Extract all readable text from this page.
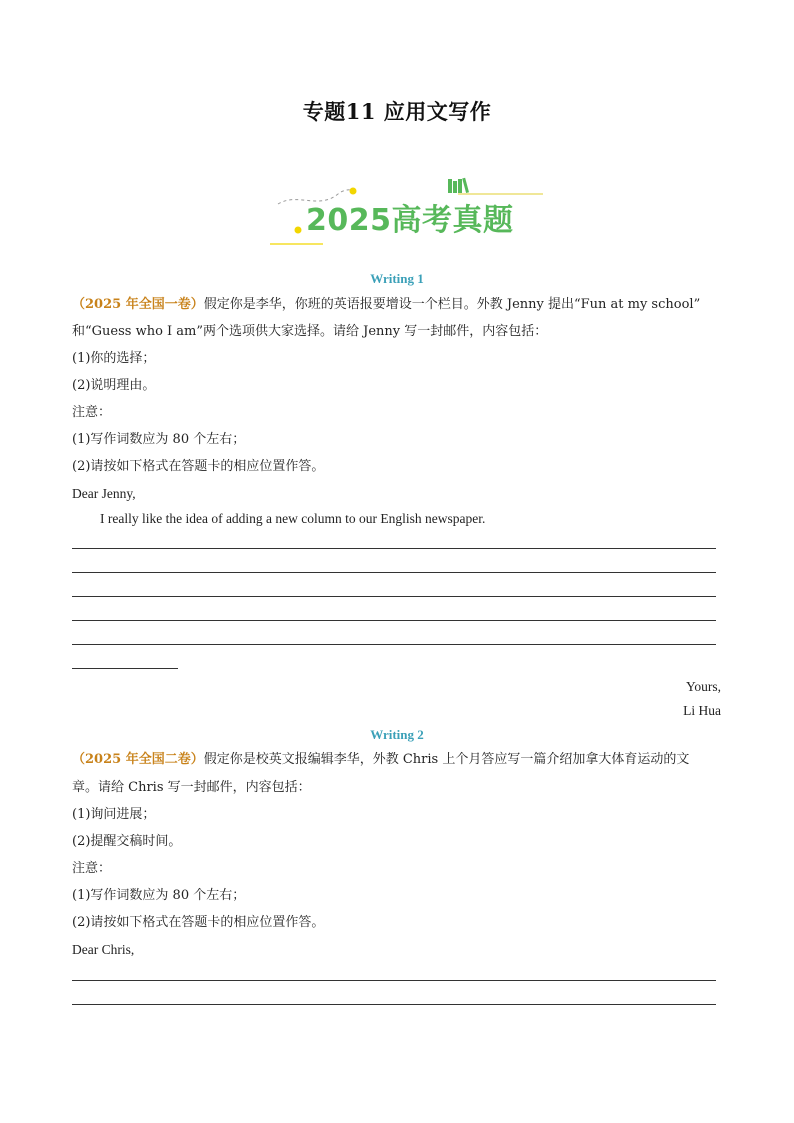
专题11 应用文写作
2025高考真题
Writing 1
（2025 年全国一卷）假定你是李华，你班的英语报要增设一个栏目。外教 Jenny 提出“Fun at my school”
和“Guess who I am”两个选项供大家选择。请给 Jenny 写一封邮件，内容包括：
(1)你的选择；
(2)说明理由。
注意：
(1)写作词数应为 80 个左右；
(2)请按如下格式在答题卡的相应位置作答。
Dear Jenny,
I really like the idea of adding a new column to our English newspaper.
Yours,
Li Hua
Writing 2
（2025 年全国二卷）假定你是校英文报编辑李华，外教 Chris 上个月答应写一篇介绍加拿大体育运动的文
章。请给 Chris 写一封邮件，内容包括：
(1)询问进展；
(2)提醒交稿时间。
注意：
(1)写作词数应为 80 个左右；
(2)请按如下格式在答题卡的相应位置作答。
Dear Chris,
